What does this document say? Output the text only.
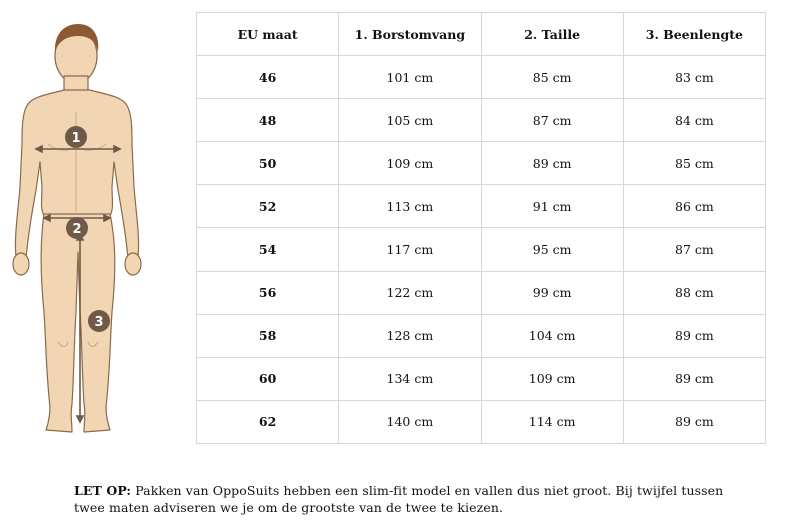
1
2
3
EU maat	1. Borstomvang	2. Taille	3. Beenlengte
46	101 cm	85 cm	83 cm
48	105 cm	87 cm	84 cm
50	109 cm	89 cm	85 cm
52	113 cm	91 cm	86 cm
54	117 cm	95 cm	87 cm
56	122 cm	99 cm	88 cm
58	128 cm	104 cm	89 cm
60	134 cm	109 cm	89 cm
62	140 cm	114 cm	89 cm
LET OP: Pakken van OppoSuits hebben een slim-fit model en vallen dus niet groot. Bij twijfel tussen
twee maten adviseren we je om de grootste van de twee te kiezen.
